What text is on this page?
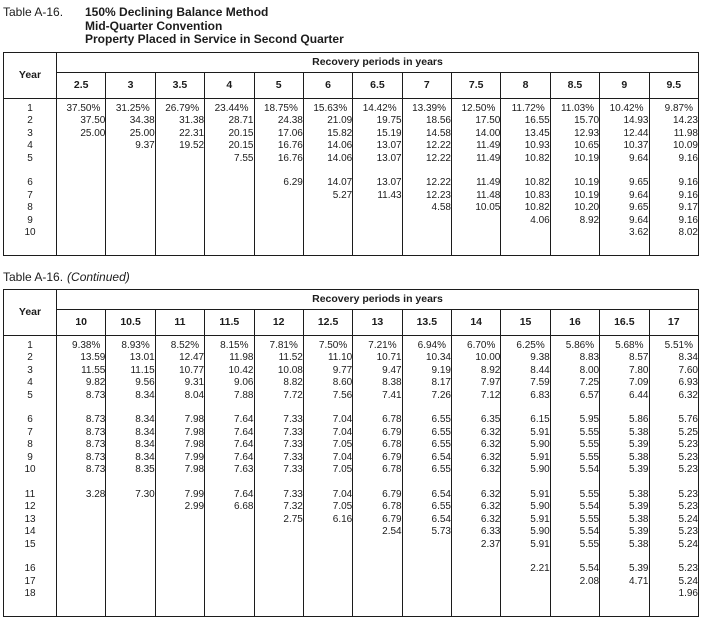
Table A-16.	150% Declining Balance Method
Mid-Quarter Convention
Property Placed in Service in Second Quarter
Year	Recovery periods in years												
	2.5	3	3.5	4	5	6	6.5	7	7.5	8	8.5	9	9.5
1	37.50%	31.25%	26.79%	23.44%	18.75%	15.63%	14.42%	13.39%	12.50%	11.72%	11.03%	10.42%	9.87%
2	37.50	34.38	31.38	28.71	24.38	21.09	19.75	18.56	17.50	16.55	15.70	14.93	14.23
3	25.00	25.00	22.31	20.15	17.06	15.82	15.19	14.58	14.00	13.45	12.93	12.44	11.98
4		9.37	19.52	20.15	16.76	14.06	13.07	12.22	11.49	10.93	10.65	10.37	10.09
5				7.55	16.76	14.06	13.07	12.22	11.49	10.82	10.19	9.64	9.16

6					6.29	14.07	13.07	12.22	11.49	10.82	10.19	9.65	9.16
7						5.27	11.43	12.23	11.48	10.83	10.19	9.64	9.16
8								4.58	10.05	10.82	10.20	9.65	9.17
9										4.06	8.92	9.64	9.16
10												3.62	8.02

Table A-16. (Continued)
Year	Recovery periods in years												
	10	10.5	11	11.5	12	12.5	13	13.5	14	15	16	16.5	17
1	9.38%	8.93%	8.52%	8.15%	7.81%	7.50%	7.21%	6.94%	6.70%	6.25%	5.86%	5.68%	5.51%
2	13.59	13.01	12.47	11.98	11.52	11.10	10.71	10.34	10.00	9.38	8.83	8.57	8.34
3	11.55	11.15	10.77	10.42	10.08	9.77	9.47	9.19	8.92	8.44	8.00	7.80	7.60
4	9.82	9.56	9.31	9.06	8.82	8.60	8.38	8.17	7.97	7.59	7.25	7.09	6.93
5	8.73	8.34	8.04	7.88	7.72	7.56	7.41	7.26	7.12	6.83	6.57	6.44	6.32

6	8.73	8.34	7.98	7.64	7.33	7.04	6.78	6.55	6.35	6.15	5.95	5.86	5.76
7	8.73	8.34	7.98	7.64	7.33	7.04	6.79	6.55	6.32	5.91	5.55	5.38	5.25
8	8.73	8.34	7.98	7.64	7.33	7.05	6.78	6.55	6.32	5.90	5.55	5.39	5.23
9	8.73	8.34	7.99	7.64	7.33	7.04	6.79	6.54	6.32	5.91	5.55	5.38	5.23
10	8.73	8.35	7.98	7.63	7.33	7.05	6.78	6.55	6.32	5.90	5.54	5.39	5.23

11	3.28	7.30	7.99	7.64	7.33	7.04	6.79	6.54	6.32	5.91	5.55	5.38	5.23
12			2.99	6.68	7.32	7.05	6.78	6.55	6.32	5.90	5.54	5.39	5.23
13					2.75	6.16	6.79	6.54	6.32	5.91	5.55	5.38	5.24
14							2.54	5.73	6.33	5.90	5.54	5.39	5.23
15									2.37	5.91	5.55	5.38	5.24

16										2.21	5.54	5.39	5.23
17											2.08	4.71	5.24
18													1.96
